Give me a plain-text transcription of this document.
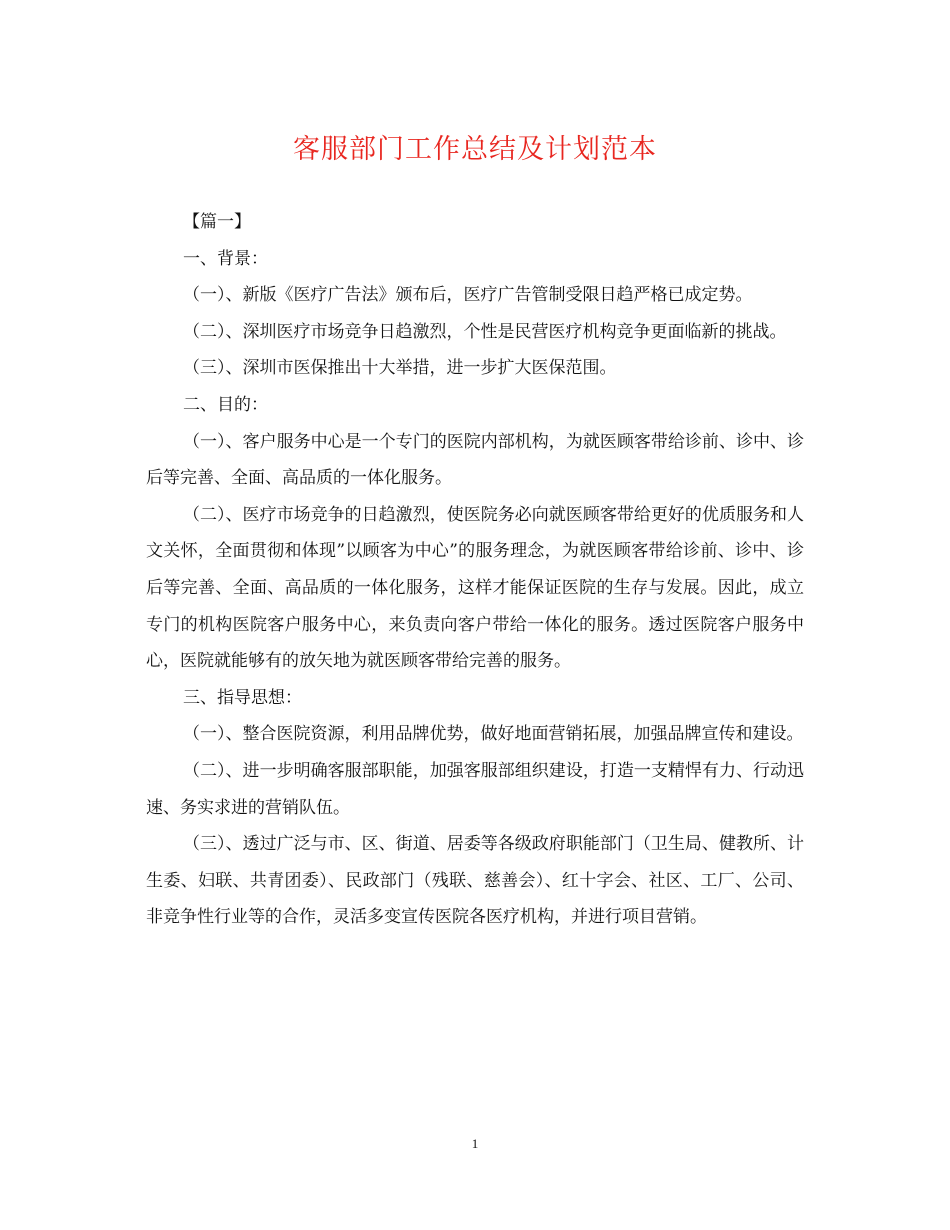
客服部门工作总结及计划范本

【篇一】

一、背景：

（一）、新版《医疗广告法》颁布后，医疗广告管制受限日趋严格已成定势。

（二）、深圳医疗市场竞争日趋激烈，个性是民营医疗机构竞争更面临新的挑战。

（三）、深圳市医保推出十大举措，进一步扩大医保范围。

二、目的：

（一）、客户服务中心是一个专门的医院内部机构，为就医顾客带给诊前、诊中、诊后等完善、全面、高品质的一体化服务。

（二）、医疗市场竞争的日趋激烈，使医院务必向就医顾客带给更好的优质服务和人文关怀，全面贯彻和体现”以顾客为中心”的服务理念，为就医顾客带给诊前、诊中、诊后等完善、全面、高品质的一体化服务，这样才能保证医院的生存与发展。因此，成立专门的机构医院客户服务中心，来负责向客户带给一体化的服务。透过医院客户服务中心，医院就能够有的放矢地为就医顾客带给完善的服务。

三、指导思想：

（一）、整合医院资源，利用品牌优势，做好地面营销拓展，加强品牌宣传和建设。

（二）、进一步明确客服部职能，加强客服部组织建设，打造一支精悍有力、行动迅速、务实求进的营销队伍。

（三）、透过广泛与市、区、街道、居委等各级政府职能部门（卫生局、健教所、计生委、妇联、共青团委）、民政部门（残联、慈善会）、红十字会、社区、工厂、公司、非竞争性行业等的合作，灵活多变宣传医院各医疗机构，并进行项目营销。

1
